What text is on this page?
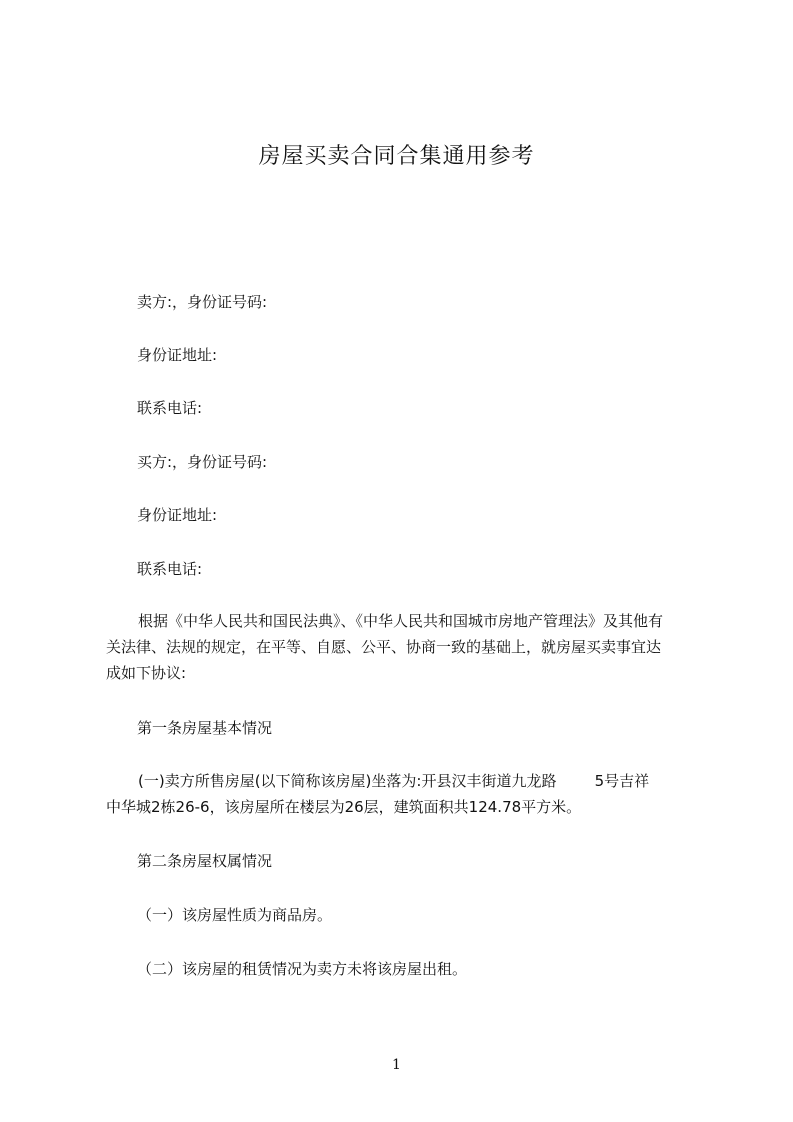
房屋买卖合同合集通用参考
卖方:，身份证号码:
身份证地址:
联系电话:
买方:，身份证号码:
身份证地址:
联系电话:
根据《中华人民共和国民法典》、《中华人民共和国城市房地产管理法》及其他有
关法律、法规的规定，在平等、自愿、公平、协商一致的基础上，就房屋买卖事宜达
成如下协议:
第一条房屋基本情况
(一)卖方所售房屋(以下简称该房屋)坐落为:开县汉丰街道九龙路        5号吉祥
中华城2栋26-6，该房屋所在楼层为26层，建筑面积共124.78平方米。
第二条房屋权属情况
（一）该房屋性质为商品房。
（二）该房屋的租赁情况为卖方未将该房屋出租。
1
